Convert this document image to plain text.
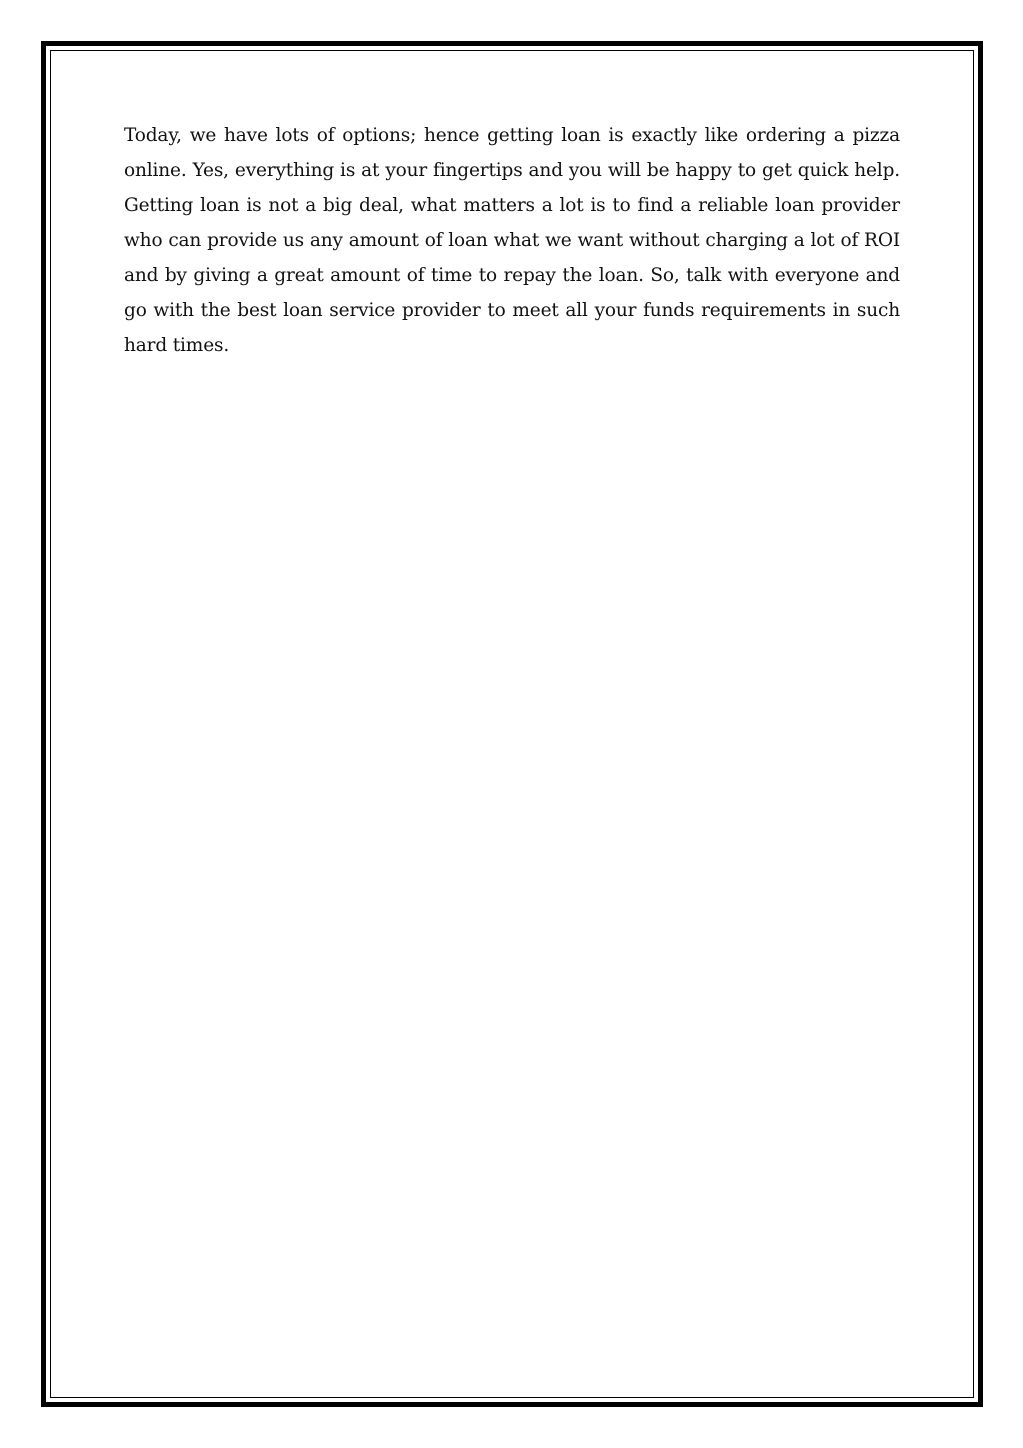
Today, we have lots of options; hence getting loan is exactly like ordering a pizza online. Yes, everything is at your fingertips and you will be happy to get quick help. Getting loan is not a big deal, what matters a lot is to find a reliable loan provider who can provide us any amount of loan what we want without charging a lot of ROI and by giving a great amount of time to repay the loan. So, talk with everyone and go with the best loan service provider to meet all your funds requirements in such hard times.
